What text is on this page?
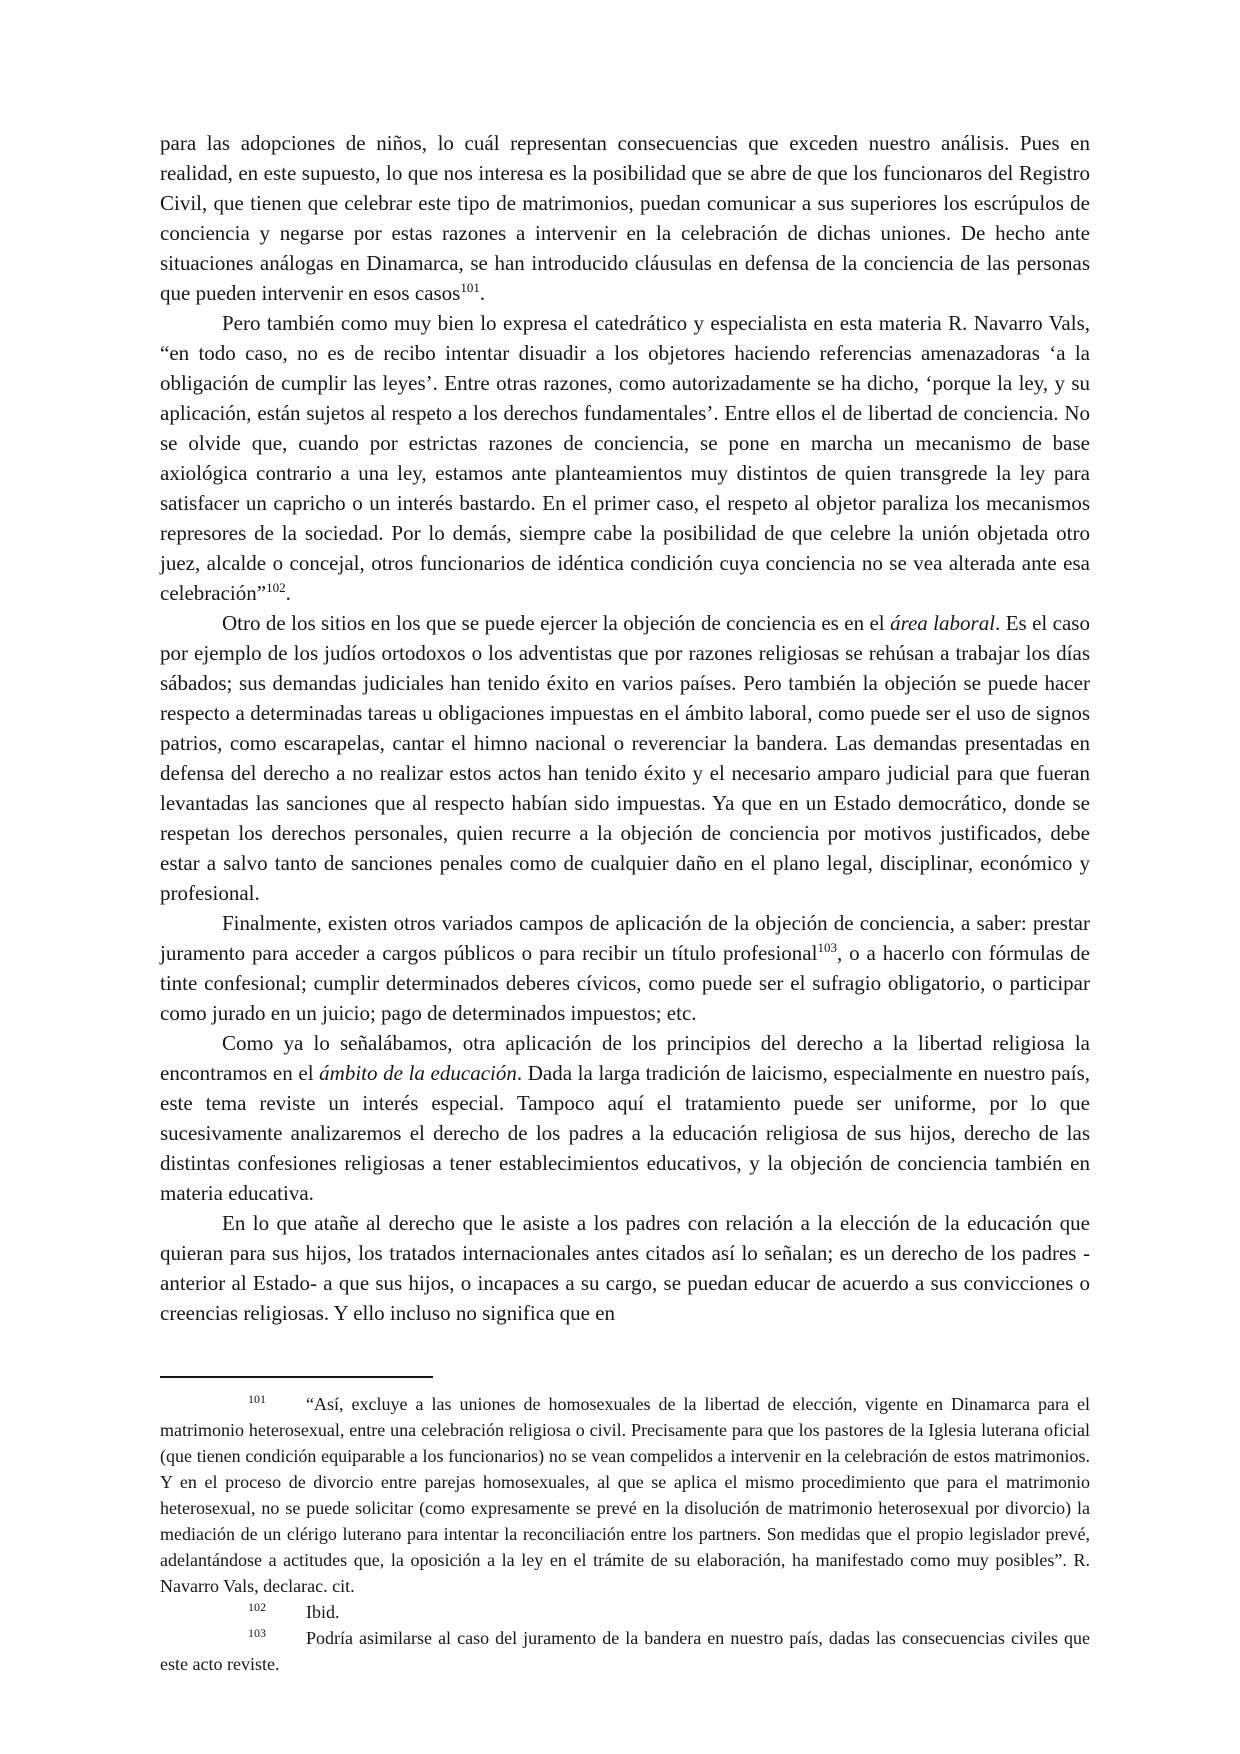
para las adopciones de niños, lo cuál representan consecuencias que exceden nuestro análisis. Pues en realidad, en este supuesto, lo que nos interesa es la posibilidad que se abre de que los funcionaros del Registro Civil, que tienen que celebrar este tipo de matrimonios, puedan comunicar a sus superiores los escrúpulos de conciencia y negarse por estas razones a intervenir en la celebración de dichas uniones. De hecho ante situaciones análogas en Dinamarca, se han introducido cláusulas en defensa de la conciencia de las personas que pueden intervenir en esos casos$^{101}$.

Pero también como muy bien lo expresa el catedrático y especialista en esta materia R. Navarro Vals, “en todo caso, no es de recibo intentar disuadir a los objetores haciendo referencias amenazadoras ‘a la obligación de cumplir las leyes’. Entre otras razones, como autorizadamente se ha dicho, ‘porque la ley, y su aplicación, están sujetos al respeto a los derechos fundamentales’. Entre ellos el de libertad de conciencia. No se olvide que, cuando por estrictas razones de conciencia, se pone en marcha un mecanismo de base axiológica contrario a una ley, estamos ante planteamientos muy distintos de quien transgrede la ley para satisfacer un capricho o un interés bastardo. En el primer caso, el respeto al objetor paraliza los mecanismos represores de la sociedad. Por lo demás, siempre cabe la posibilidad de que celebre la unión objetada otro juez, alcalde o concejal, otros funcionarios de idéntica condición cuya conciencia no se vea alterada ante esa celebración”$^{102}$.

Otro de los sitios en los que se puede ejercer la objeción de conciencia es en el área laboral. Es el caso por ejemplo de los judíos ortodoxos o los adventistas que por razones religiosas se rehúsan a trabajar los días sábados; sus demandas judiciales han tenido éxito en varios países. Pero también la objeción se puede hacer respecto a determinadas tareas u obligaciones impuestas en el ámbito laboral, como puede ser el uso de signos patrios, como escarapelas, cantar el himno nacional o reverenciar la bandera. Las demandas presentadas en defensa del derecho a no realizar estos actos han tenido éxito y el necesario amparo judicial para que fueran levantadas las sanciones que al respecto habían sido impuestas. Ya que en un Estado democrático, donde se respetan los derechos personales, quien recurre a la objeción de conciencia por motivos justificados, debe estar a salvo tanto de sanciones penales como de cualquier daño en el plano legal, disciplinar, económico y profesional.

Finalmente, existen otros variados campos de aplicación de la objeción de conciencia, a saber: prestar juramento para acceder a cargos públicos o para recibir un título profesional$^{103}$, o a hacerlo con fórmulas de tinte confesional; cumplir determinados deberes cívicos, como puede ser el sufragio obligatorio, o participar como jurado en un juicio; pago de determinados impuestos; etc.

Como ya lo señalábamos, otra aplicación de los principios del derecho a la libertad religiosa la encontramos en el ámbito de la educación. Dada la larga tradición de laicismo, especialmente en nuestro país, este tema reviste un interés especial. Tampoco aquí el tratamiento puede ser uniforme, por lo que sucesivamente analizaremos el derecho de los padres a la educación religiosa de sus hijos, derecho de las distintas confesiones religiosas a tener establecimientos educativos, y la objeción de conciencia también en materia educativa.

En lo que atañe al derecho que le asiste a los padres con relación a la elección de la educación que quieran para sus hijos, los tratados internacionales antes citados así lo señalan; es un derecho de los padres -anterior al Estado- a que sus hijos, o incapaces a su cargo, se puedan educar de acuerdo a sus convicciones o creencias religiosas. Y ello incluso no significa que en

$^{101}$ “Así, excluye a las uniones de homosexuales de la libertad de elección, vigente en Dinamarca para el matrimonio heterosexual, entre una celebración religiosa o civil. Precisamente para que los pastores de la Iglesia luterana oficial (que tienen condición equiparable a los funcionarios) no se vean compelidos a intervenir en la celebración de estos matrimonios. Y en el proceso de divorcio entre parejas homosexuales, al que se aplica el mismo procedimiento que para el matrimonio heterosexual, no se puede solicitar (como expresamente se prevé en la disolución de matrimonio heterosexual por divorcio) la mediación de un clérigo luterano para intentar la reconciliación entre los partners. Son medidas que el propio legislador prevé, adelantándose a actitudes que, la oposición a la ley en el trámite de su elaboración, ha manifestado como muy posibles”. R. Navarro Vals, declarac. cit.

$^{102}$ Ibid.

$^{103}$ Podría asimilarse al caso del juramento de la bandera en nuestro país, dadas las consecuencias civiles que este acto reviste.
